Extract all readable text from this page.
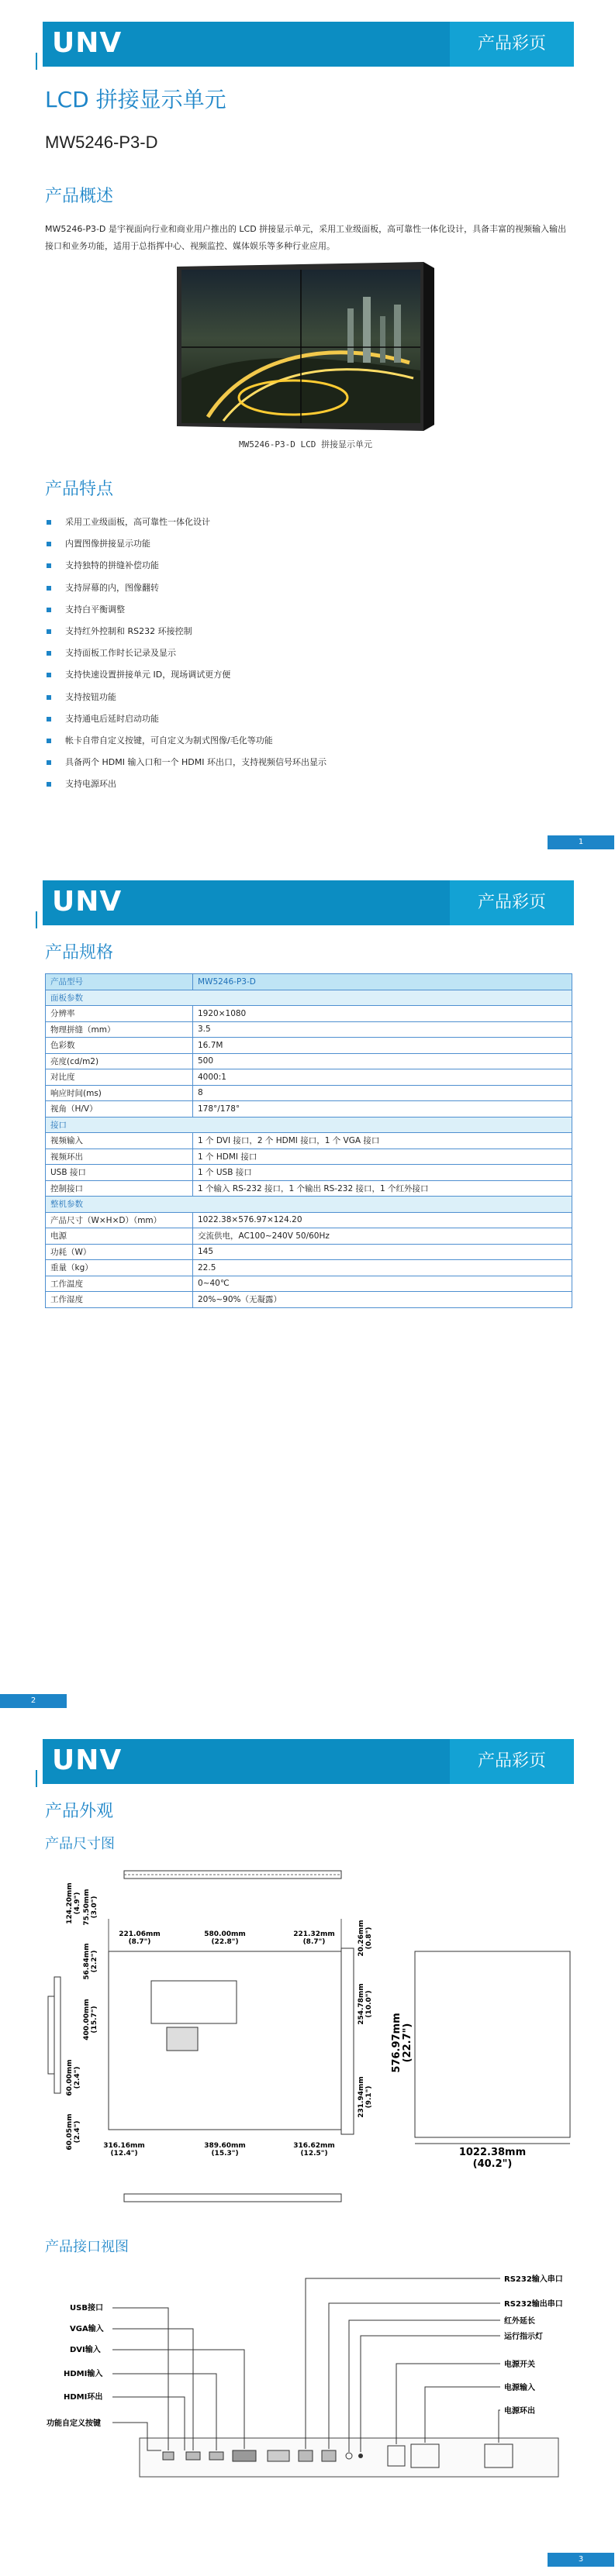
UNV	产品彩页
LCD 拼接显示单元
MW5246-P3-D
产品概述
MW5246-P3-D 是宇视面向行业和商业用户推出的 LCD 拼接显示单元，采用工业级面板，高可靠性一体化设计，具备丰富的视频输入输出接口和业务功能，适用于总指挥中心、视频监控、媒体娱乐等多种行业应用。
MW5246-P3-D LCD 拼接显示单元
产品特点
采用工业级面板，高可靠性一体化设计
内置图像拼接显示功能
支持独特的拼缝补偿功能
支持屏幕的内，图像翻转
支持白平衡调整
支持红外控制和 RS232 环接控制
支持面板工作时长记录及显示
支持快速设置拼接单元 ID，现场调试更方便
支持按钮功能
支持通电后延时启动功能
帐卡自带自定义按键，可自定义为制式图像/毛化等功能
具备两个 HDMI 输入口和一个 HDMI 环出口，支持视频信号环出显示
支持电源环出
1
UNV	产品彩页
产品规格
产品型号	MW5246-P3-D
面板参数	
分辨率	1920×1080
物理拼缝（mm）	3.5
色彩数	16.7M
亮度(cd/m2)	500
对比度	4000:1
响应时间(ms)	8
视角（H/V）	178°/178°
接口	
视频输入	1 个 DVI 接口，2 个 HDMI 接口，1 个 VGA 接口
视频环出	1 个 HDMI 接口
USB 接口	1 个 USB 接口
控制接口	1 个输入 RS-232 接口，1 个输出 RS-232 接口，1 个红外接口
整机参数	
产品尺寸（W×H×D）（mm）	1022.38×576.97×124.20
电源	交流供电，AC100~240V 50/60Hz
功耗（W）	145
重量（kg）	22.5
工作温度	0~40℃
工作湿度	20%~90%（无凝露）
2
UNV	产品彩页
产品外观
产品尺寸图
124.20mm (4.9") 75.50mm (3.0")
56.84mm (2.2")
400.00mm (15.7")
60.00mm (2.4")
60.05mm (2.4")
221.06mm
(8.7")
580.00mm
(22.8")
221.32mm
(8.7")	20.26mm (0.8")
254.78mm (10.0")
231.94mm (9.1")
576.97mm (22.7")
316.16mm
(12.4")
389.60mm
(15.3")
316.62mm
(12.5")	1022.38mm
(40.2")
产品接口视图
USB接口
VGA输入
DVI输入
HDMI输入
HDMI环出
功能自定义按键
RS232输入串口
RS232输出串口
红外延长
运行指示灯
电源开关
电源输入
电源环出
3
